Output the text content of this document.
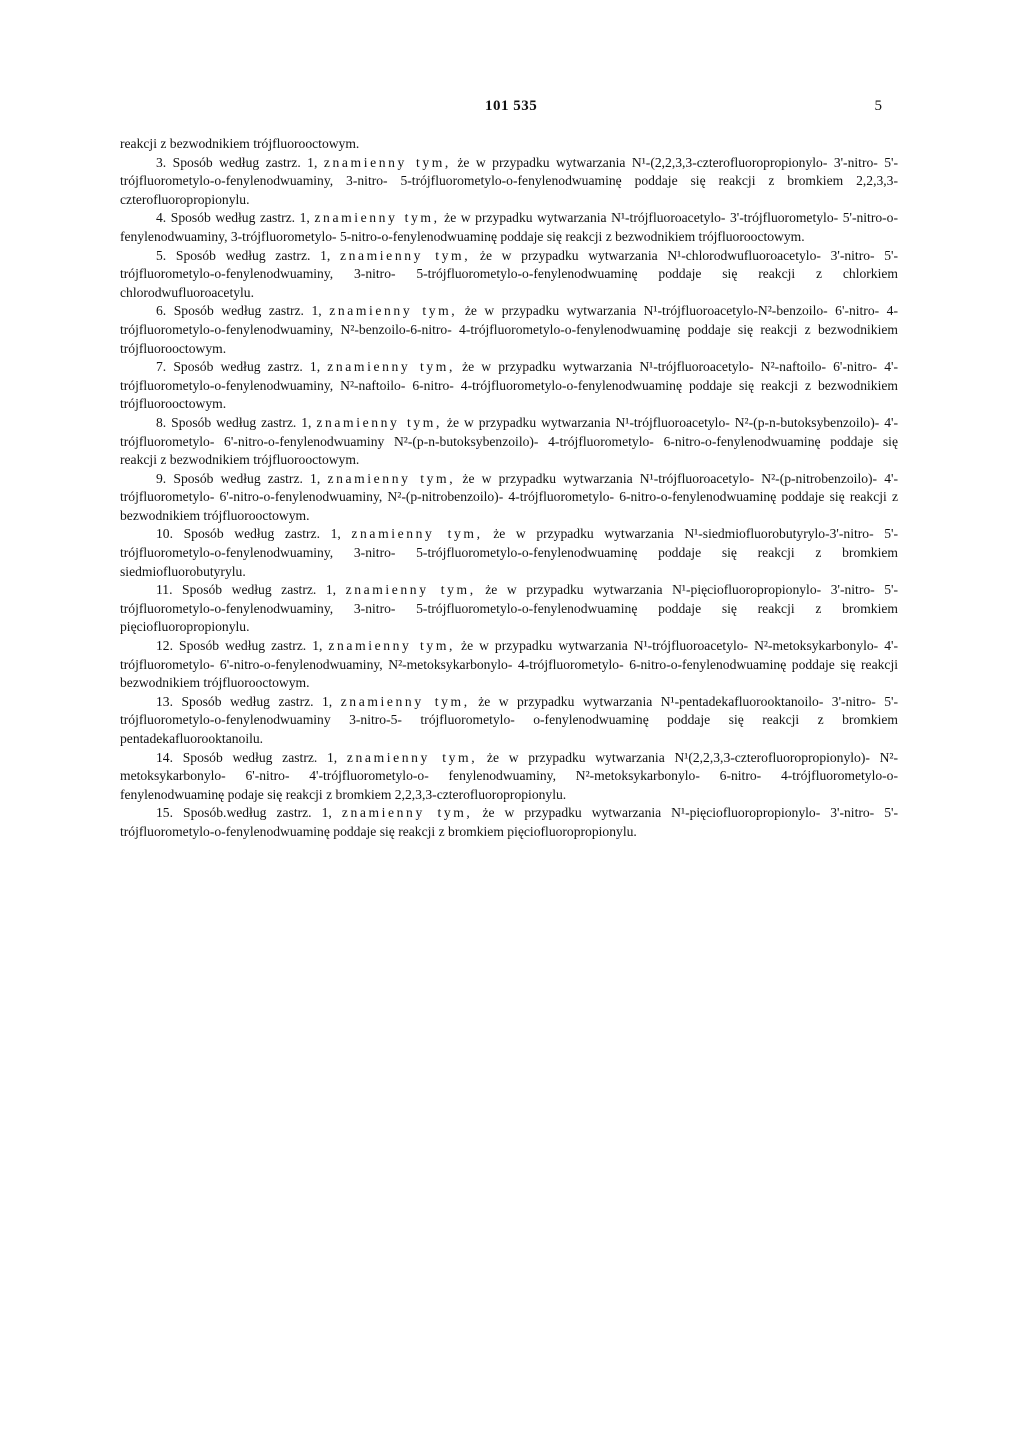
101 535	5

reakcji z bezwodnikiem trójfluorooctowym.

3. Sposób według zastrz. 1, znamienny tym, że w przypadku wytwarzania N¹-(2,2,3,3-czterofluoropropionylo- 3'-nitro- 5'-trójfluorometylo-o-fenylenodwuaminy, 3-nitro- 5-trójfluorometylo-o-fenylenodwuaminę poddaje się reakcji z bromkiem 2,2,3,3-czterofluoropropionylu.

4. Sposób według zastrz. 1, znamienny tym, że w przypadku wytwarzania N¹-trójfluoroacetylo- 3'-trójfluorometylo- 5'-nitro-o-fenylenodwuaminy, 3-trójfluorometylo- 5-nitro-o-fenylenodwuaminę poddaje się reakcji z bezwodnikiem trójfluorooctowym.

5. Sposób według zastrz. 1, znamienny tym, że w przypadku wytwarzania N¹-chlorodwufluoroacetylo- 3'-nitro- 5'-trójfluorometylo-o-fenylenodwuaminy, 3-nitro- 5-trójfluorometylo-o-fenylenodwuaminę poddaje się reakcji z chlorkiem chlorodwufluoroacetylu.

6. Sposób według zastrz. 1, znamienny tym, że w przypadku wytwarzania N¹-trójfluoroacetylo-N²-benzoilo- 6'-nitro- 4-trójfluorometylo-o-fenylenodwuaminy, N²-benzoilo-6-nitro- 4-trójfluorometylo-o-fenylenodwuaminę poddaje się reakcji z bezwodnikiem trójfluorooctowym.

7. Sposób według zastrz. 1, znamienny tym, że w przypadku wytwarzania N¹-trójfluoroacetylo- N²-naftoilo- 6'-nitro- 4'-trójfluorometylo-o-fenylenodwuaminy, N²-naftoilo- 6-nitro- 4-trójfluorometylo-o-fenylenodwuaminę poddaje się reakcji z bezwodnikiem trójfluorooctowym.

8. Sposób według zastrz. 1, znamienny tym, że w przypadku wytwarzania N¹-trójfluoroacetylo- N²-(p-n-butoksybenzoilo)- 4'-trójfluorometylo- 6'-nitro-o-fenylenodwuaminy N²-(p-n-butoksybenzoilo)- 4-trójfluorometylo- 6-nitro-o-fenylenodwuaminę poddaje się reakcji z bezwodnikiem trójfluorooctowym.

9. Sposób według zastrz. 1, znamienny tym, że w przypadku wytwarzania N¹-trójfluoroacetylo- N²-(p-nitrobenzoilo)- 4'-trójfluorometylo- 6'-nitro-o-fenylenodwuaminy, N²-(p-nitrobenzoilo)- 4-trójfluorometylo- 6-nitro-o-fenylenodwuaminę poddaje się reakcji z bezwodnikiem trójfluorooctowym.

10. Sposób według zastrz. 1, znamienny tym, że w przypadku wytwarzania N¹-siedmiofluorobutyrylo-3'-nitro- 5'-trójfluorometylo-o-fenylenodwuaminy, 3-nitro- 5-trójfluorometylo-o-fenylenodwuaminę poddaje się reakcji z bromkiem siedmiofluorobutyrylu.

11. Sposób według zastrz. 1, znamienny tym, że w przypadku wytwarzania N¹-pięciofluoropropionylo- 3'-nitro- 5'-trójfluorometylo-o-fenylenodwuaminy, 3-nitro- 5-trójfluorometylo-o-fenylenodwuaminę poddaje się reakcji z bromkiem pięciofluoropropionylu.

12. Sposób według zastrz. 1, znamienny tym, że w przypadku wytwarzania N¹-trójfluoroacetylo- N²-metoksykarbonylo- 4'-trójfluorometylo- 6'-nitro-o-fenylenodwuaminy, N²-metoksykarbonylo- 4-trójfluorometylo- 6-nitro-o-fenylenodwuaminę poddaje się reakcji bezwodnikiem trójfluorooctowym.

13. Sposób według zastrz. 1, znamienny tym, że w przypadku wytwarzania N¹-pentadekafluorooktanoilo- 3'-nitro- 5'-trójfluorometylo-o-fenylenodwuaminy 3-nitro-5- trójfluorometylo- o-fenylenodwuaminę poddaje się reakcji z bromkiem pentadekafluorooktanoilu.

14. Sposób według zastrz. 1, znamienny tym, że w przypadku wytwarzania N¹(2,2,3,3-czterofluoropropionylo)- N²-metoksykarbonylo- 6'-nitro- 4'-trójfluorometylo-o- fenylenodwuaminy, N²-metoksykarbonylo- 6-nitro- 4-trójfluorometylo-o-fenylenodwuaminę podaje się reakcji z bromkiem 2,2,3,3-czterofluoropropionylu.

15. Sposób.według zastrz. 1, znamienny tym, że w przypadku wytwarzania N¹-pięciofluoropropionylo- 3'-nitro- 5'-trójfluorometylo-o-fenylenodwuaminę poddaje się reakcji z bromkiem pięciofluoropropionylu.
